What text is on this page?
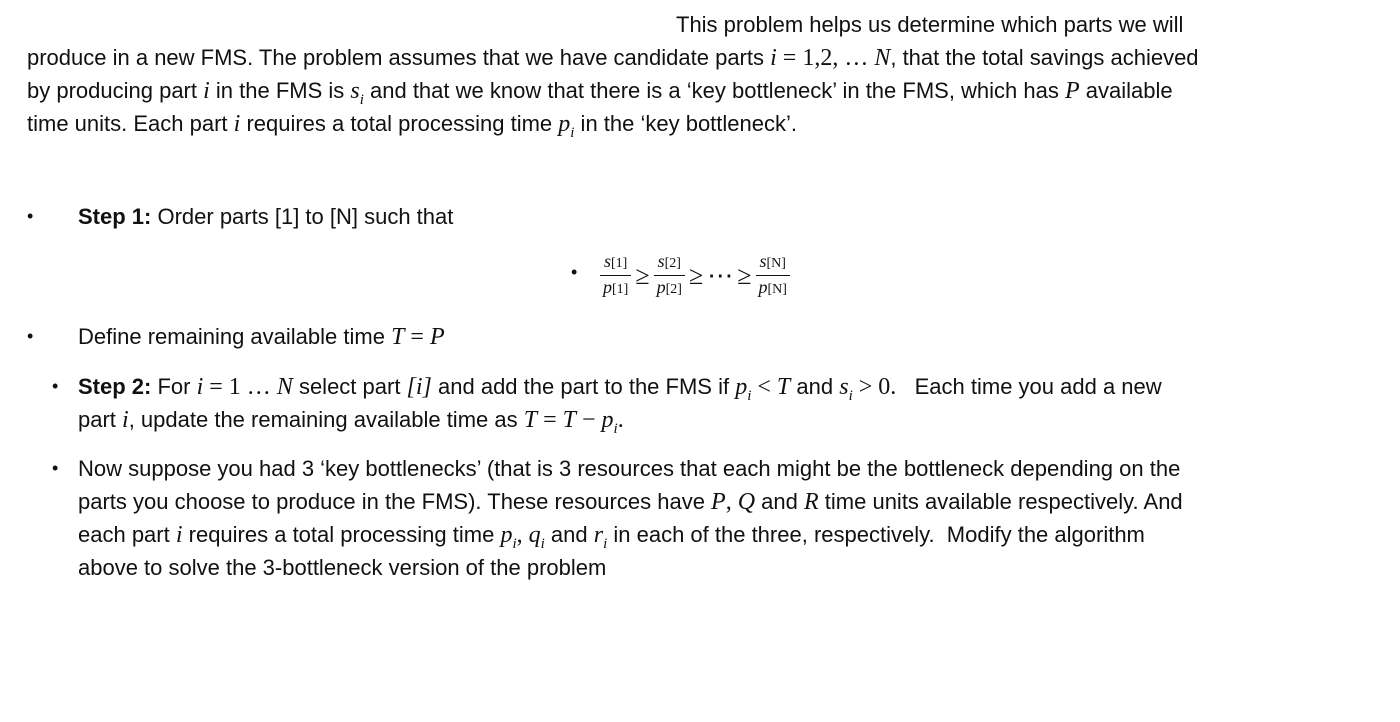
This problem helps us determine which parts we will
produce in a new FMS. The problem assumes that we have candidate parts i = 1,2, … N, that the total savings achieved
by producing part i in the FMS is $s_i$ and that we know that there is a ‘key bottleneck’ in the FMS, which has P available
time units. Each part i requires a total processing time $p_i$ in the ‘key bottleneck’.
• Step 1: Order parts [1] to [N] such that
• $\frac{s[1]}{p[1]} \ge \frac{s[2]}{p[2]}$ ≥ ⋯ ≥ $\frac{s[N]}{p[N]}$
• Define remaining available time T = P
• Step 2: For i = 1 … N select part [i] and add the part to the FMS if $p_i < T$ and $s_i > 0$.   Each time you add a new
part i, update the remaining available time as $T = T - p_i$.
• Now suppose you had 3 ‘key bottlenecks’ (that is 3 resources that each might be the bottleneck depending on the
parts you choose to produce in the FMS). These resources have P, Q and R time units available respectively. And
each part i requires a total processing time $p_i$, $q_i$ and $r_i$ in each of the three, respectively.  Modify the algorithm
above to solve the 3-bottleneck version of the problem
